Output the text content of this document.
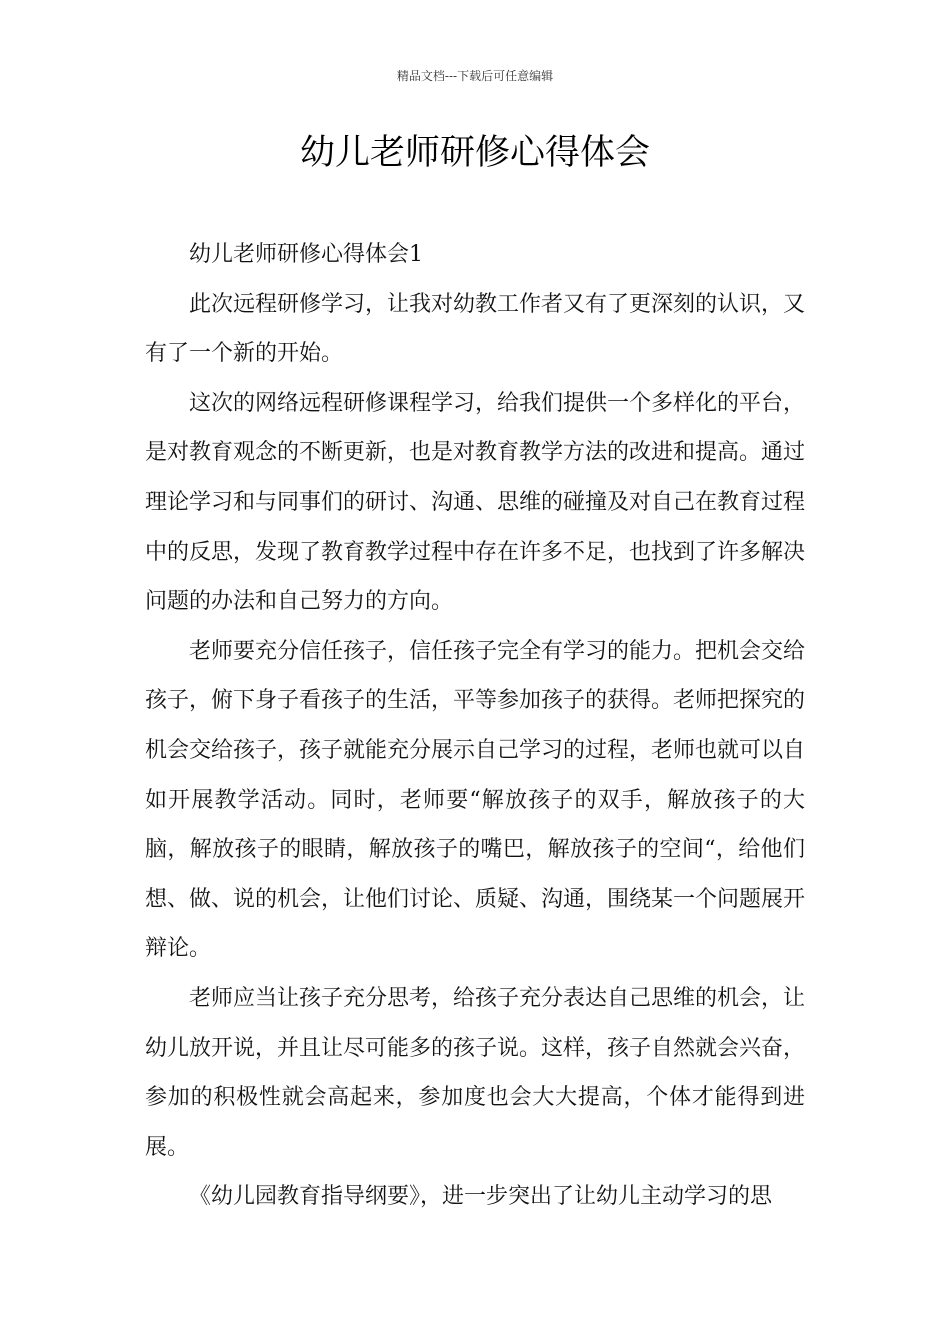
精品文档---下载后可任意编辑
幼儿老师研修心得体会

幼儿老师研修心得体会1

此次远程研修学习，让我对幼教工作者又有了更深刻的认识，又有了一个新的开始。

这次的网络远程研修课程学习，给我们提供一个多样化的平台，是对教育观念的不断更新，也是对教育教学方法的改进和提高。通过理论学习和与同事们的研讨、沟通、思维的碰撞及对自己在教育过程中的反思，发现了教育教学过程中存在许多不足，也找到了许多解决问题的办法和自己努力的方向。

老师要充分信任孩子，信任孩子完全有学习的能力。把机会交给孩子，俯下身子看孩子的生活，平等参加孩子的获得。老师把探究的机会交给孩子，孩子就能充分展示自己学习的过程，老师也就可以自如开展教学活动。同时，老师要“解放孩子的双手，解放孩子的大脑，解放孩子的眼睛，解放孩子的嘴巴，解放孩子的空间“，给他们想、做、说的机会，让他们讨论、质疑、沟通，围绕某一个问题展开辩论。

老师应当让孩子充分思考，给孩子充分表达自己思维的机会，让幼儿放开说，并且让尽可能多的孩子说。这样，孩子自然就会兴奋，参加的积极性就会高起来，参加度也会大大提高，个体才能得到进展。

《幼儿园教育指导纲要》，进一步突出了让幼儿主动学习的思
